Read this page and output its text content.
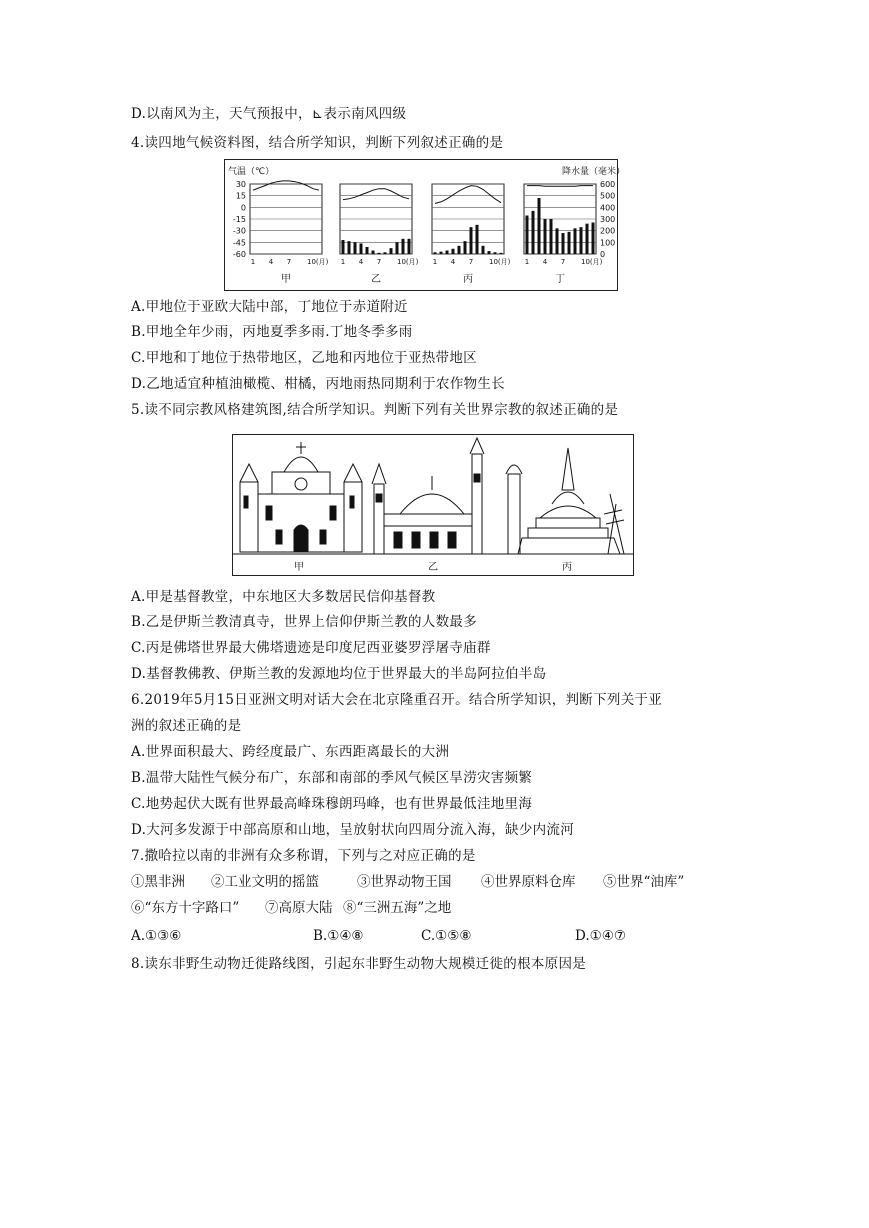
D.以南风为主，天气预报中，⊾表示南风四级
4.读四地气候资料图，结合所学知识，判断下列叙述正确的是
气温（℃）	降水量（毫米）
30
15
0
-15
-30
-45
-60
600
500
400
300
200
100
0
1 4 7 10(月)
甲
1 4 7 10(月)
乙
1 4 7 10(月)
丙
1 4 7 10(月)
丁
A.甲地位于亚欧大陆中部，丁地位于赤道附近
B.甲地全年少雨，丙地夏季多雨.丁地冬季多雨
C.甲地和丁地位于热带地区，乙地和丙地位于亚热带地区
D.乙地适宜种植油橄榄、柑橘，丙地雨热同期利于农作物生长
5.读不同宗教风格建筑图,结合所学知识。判断下列有关世界宗教的叙述正确的是
甲	乙	丙
A.甲是基督教堂，中东地区大多数居民信仰基督教
B.乙是伊斯兰教清真寺，世界上信仰伊斯兰教的人数最多
C.丙是佛塔世界最大佛塔遗迹是印度尼西亚婆罗浮屠寺庙群
D.基督教佛教、伊斯兰教的发源地均位于世界最大的半岛阿拉伯半岛
6.2019年5月15日亚洲文明对话大会在北京隆重召开。结合所学知识，判断下列关于亚
洲的叙述正确的是
A.世界面积最大、跨经度最广、东西距离最长的大洲
B.温带大陆性气候分布广，东部和南部的季风气候区旱涝灾害频繁
C.地势起伏大既有世界最高峰珠穆朗玛峰，也有世界最低洼地里海
D.大河多发源于中部高原和山地，呈放射状向四周分流入海，缺少内流河
7.撒哈拉以南的非洲有众多称谓，下列与之对应正确的是
①黑非洲 ②工业文明的摇篮	③世界动物王国 ④世界原料仓库 ⑤世界“油库”
⑥“东方十字路口” ⑦高原大陆 ⑧“三洲五海”之地
A.①③⑥	B.①④⑧	C.①⑤⑧	D.①④⑦
8.读东非野生动物迁徙路线图，引起东非野生动物大规模迁徙的根本原因是
